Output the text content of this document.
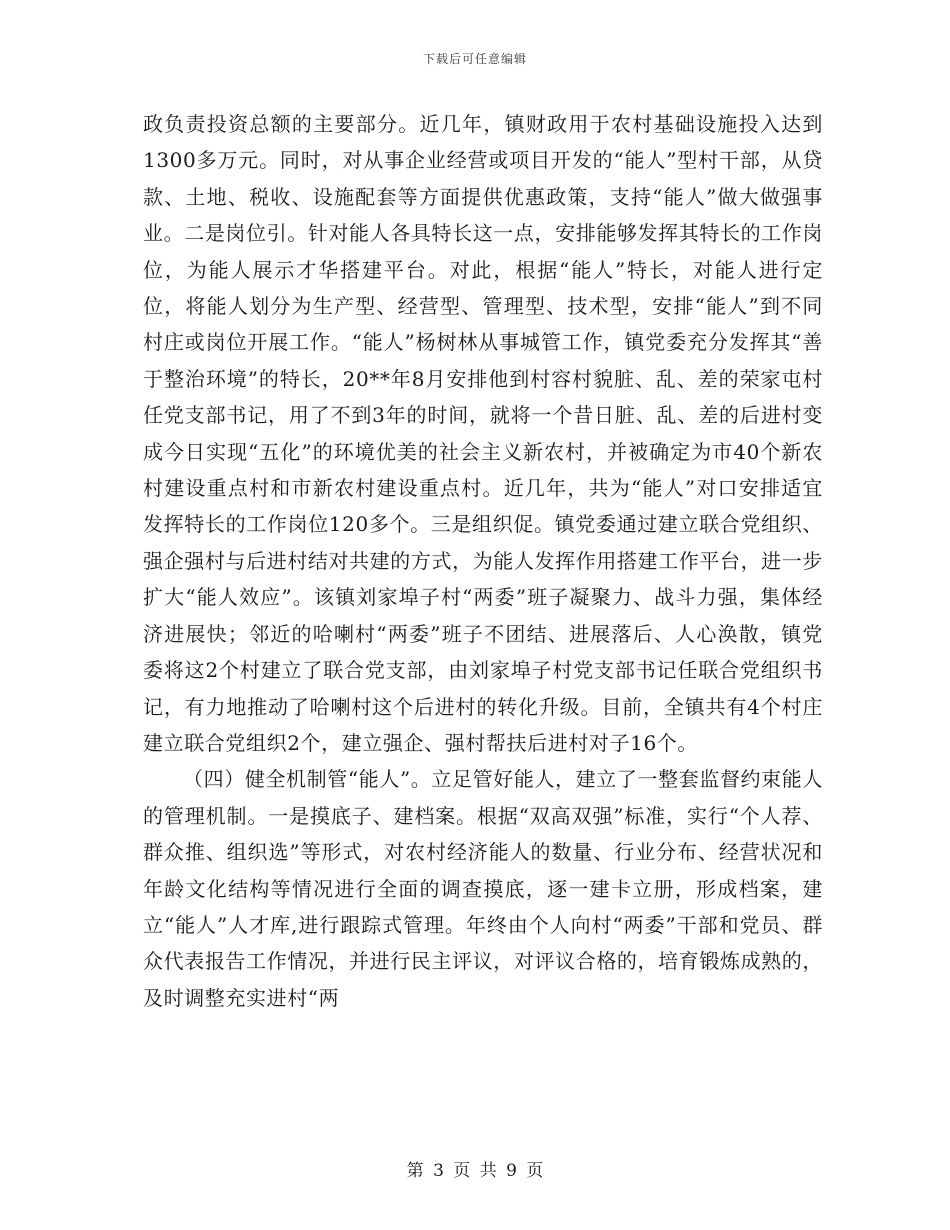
下载后可任意编辑

政负责投资总额的主要部分。近几年，镇财政用于农村基础设施投入达到1300多万元。同时，对从事企业经营或项目开发的“能人”型村干部，从贷款、土地、税收、设施配套等方面提供优惠政策，支持“能人”做大做强事业。二是岗位引。针对能人各具特长这一点，安排能够发挥其特长的工作岗位，为能人展示才华搭建平台。对此，根据“能人”特长，对能人进行定位，将能人划分为生产型、经营型、管理型、技术型，安排“能人”到不同村庄或岗位开展工作。“能人”杨树林从事城管工作，镇党委充分发挥其“善于整治环境”的特长，20**年8月安排他到村容村貌脏、乱、差的荣家屯村任党支部书记，用了不到3年的时间，就将一个昔日脏、乱、差的后进村变成今日实现“五化”的环境优美的社会主义新农村，并被确定为市40个新农村建设重点村和市新农村建设重点村。近几年，共为“能人”对口安排适宜发挥特长的工作岗位120多个。三是组织促。镇党委通过建立联合党组织、强企强村与后进村结对共建的方式，为能人发挥作用搭建工作平台，进一步扩大“能人效应”。该镇刘家埠子村“两委”班子凝聚力、战斗力强，集体经济进展快；邻近的哈喇村“两委”班子不团结、进展落后、人心涣散，镇党委将这2个村建立了联合党支部，由刘家埠子村党支部书记任联合党组织书记，有力地推动了哈喇村这个后进村的转化升级。目前，全镇共有4个村庄建立联合党组织2个，建立强企、强村帮扶后进村对子16个。

（四）健全机制管“能人”。立足管好能人，建立了一整套监督约束能人的管理机制。一是摸底子、建档案。根据“双高双强”标准，实行“个人荐、群众推、组织选”等形式，对农村经济能人的数量、行业分布、经营状况和年龄文化结构等情况进行全面的调查摸底，逐一建卡立册，形成档案，建立“能人”人才库,进行跟踪式管理。年终由个人向村“两委”干部和党员、群众代表报告工作情况，并进行民主评议，对评议合格的，培育锻炼成熟的，及时调整充实进村“两

第 3 页 共 9 页
